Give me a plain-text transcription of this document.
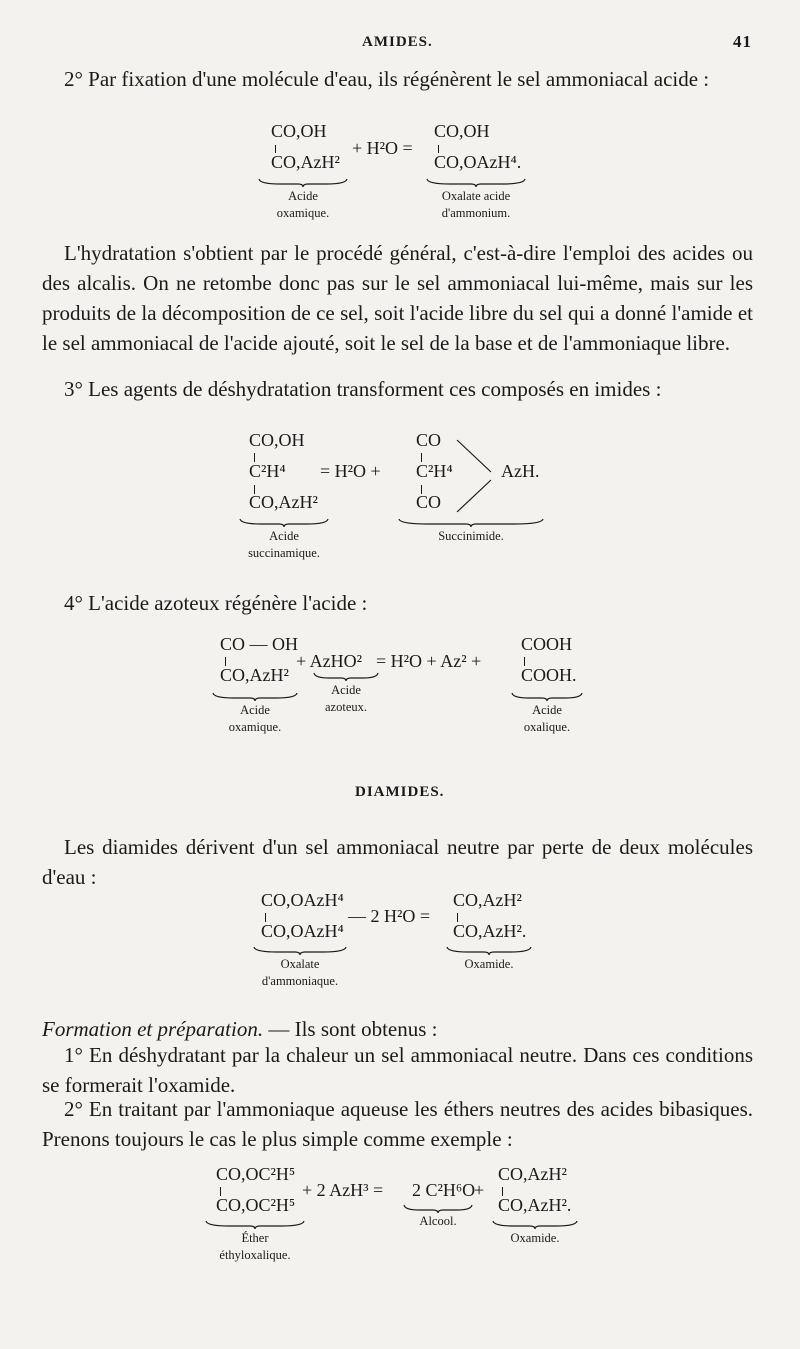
AMIDES.	41
2° Par fixation d'une molécule d'eau, ils régénèrent le sel ammoniacal acide :
CO,OH
CO,AzH²
+ H²O =
CO,OH
CO,OAzH⁴.
Acide
oxamique.
Oxalate acide
d'ammonium.
L'hydratation s'obtient par le procédé général, c'est-à-dire l'emploi des acides ou des alcalis. On ne retombe donc pas sur le sel ammoniacal lui-même, mais sur les produits de la décomposition de ce sel, soit l'acide libre du sel qui a donné l'amide et le sel ammoniacal de l'acide ajouté, soit le sel de la base et de l'ammoniaque libre.
3° Les agents de déshydratation transforment ces composés en imides :
CO,OH
C²H⁴
CO,AzH²
= H²O +
CO
C²H⁴
CO
AzH.
Acide
succinamique.
Succinimide.
4° L'acide azoteux régénère l'acide :
CO — OH
CO,AzH²
+ AzHO² = H²O + Az² +
COOH
COOH.
Acide
oxamique.
Acide
azoteux.	Acide
oxalique.
DIAMIDES.
Les diamides dérivent d'un sel ammoniacal neutre par perte de deux molécules d'eau :
CO,OAzH⁴
CO,OAzH⁴
— 2 H²O =
CO,AzH²
CO,AzH².
Oxalate
d'ammoniaque.
Oxamide.
Formation et préparation. — Ils sont obtenus :
1° En déshydratant par la chaleur un sel ammoniacal neutre. Dans ces conditions se formerait l'oxamide.
2° En traitant par l'ammoniaque aqueuse les éthers neutres des acides bibasiques. Prenons toujours le cas le plus simple comme exemple :
CO,OC²H⁵
CO,OC²H⁵
+ 2 AzH³ = 2 C²H⁶O
+
CO,AzH²
CO,AzH².
Éther
éthyloxalique.
Alcool.
Oxamide.
